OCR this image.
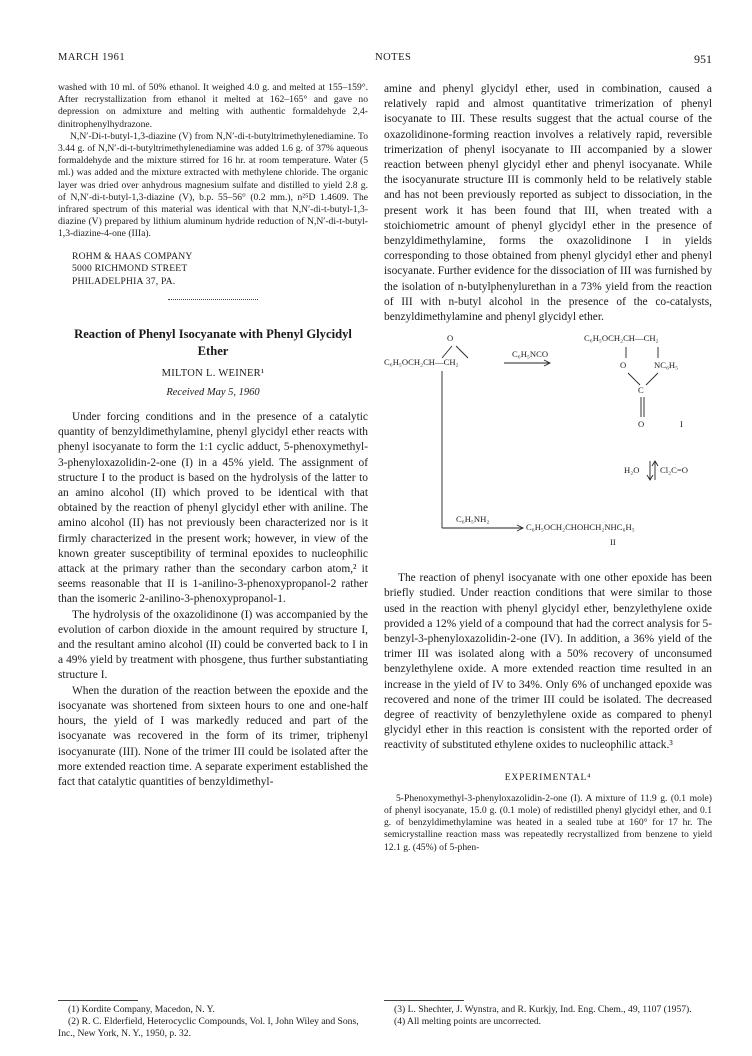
MARCH 1961	NOTES	951

washed with 10 ml. of 50% ethanol. It weighed 4.0 g. and melted at 155–159°. After recrystallization from ethanol it melted at 162–165° and gave no depression on admixture and melting with authentic formaldehyde 2,4-dinitrophenylhydrazone.

N,N′-Di-t-butyl-1,3-diazine (V) from N,N′-di-t-butyltrimethylenediamine. To 3.44 g. of N,N′-di-t-butyltrimethylenediamine was added 1.6 g. of 37% aqueous formaldehyde and the mixture stirred for 16 hr. at room temperature. Water (5 ml.) was added and the mixture extracted with methylene chloride. The organic layer was dried over anhydrous magnesium sulfate and distilled to yield 2.8 g. of N,N′-di-t-butyl-1,3-diazine (V), b.p. 55–56° (0.2 mm.), n²⁵D 1.4609. The infrared spectrum of this material was identical with that N,N′-di-t-butyl-1,3-diazine (V) prepared by lithium aluminum hydride reduction of N,N′-di-t-butyl-1,3-diazine-4-one (IIIa).

ROHM & HAAS COMPANY
5000 RICHMOND STREET
PHILADELPHIA 37, PA.
Reaction of Phenyl Isocyanate with Phenyl Glycidyl Ether
MILTON L. WEINER¹
Received May 5, 1960

Under forcing conditions and in the presence of a catalytic quantity of benzyldimethylamine, phenyl glycidyl ether reacts with phenyl isocyanate to form the 1:1 cyclic adduct, 5-phenoxymethyl-3-phenyloxazolidin-2-one (I) in a 45% yield. The assignment of structure I to the product is based on the hydrolysis of the latter to an amino alcohol (II) which proved to be identical with that obtained by the reaction of phenyl glycidyl ether with aniline. The amino alcohol (II) has not previously been characterized nor is it firmly characterized in the present work; however, in view of the known greater susceptibility of terminal epoxides to nucleophilic attack at the primary rather than the secondary carbon atom,² it seems reasonable that II is 1-anilino-3-phenoxypropanol-2 rather than the isomeric 2-anilino-3-phenoxypropanol-1.

The hydrolysis of the oxazolidinone (I) was accompanied by the evolution of carbon dioxide in the amount required by structure I, and the resultant amino alcohol (II) could be converted back to I in a 49% yield by treatment with phosgene, thus further substantiating structure I.

When the duration of the reaction between the epoxide and the isocyanate was shortened from sixteen hours to one and one-half hours, the yield of I was markedly reduced and part of the isocyanate was recovered in the form of its trimer, triphenyl isocyanurate (III). None of the trimer III could be isolated after the more extended reaction time. A separate experiment established the fact that catalytic quantities of benzyldimethyl-

(1) Kordite Company, Macedon, N. Y.
(2) R. C. Elderfield, Heterocyclic Compounds, Vol. I, John Wiley and Sons, Inc., New York, N. Y., 1950, p. 32.

amine and phenyl glycidyl ether, used in combination, caused a relatively rapid and almost quantitative trimerization of phenyl isocyanate to III. These results suggest that the actual course of the oxazolidinone-forming reaction involves a relatively rapid, reversible trimerization of phenyl isocyanate to III accompanied by a slower reaction between phenyl glycidyl ether and phenyl isocyanate. While the isocyanurate structure III is commonly held to be relatively stable and has not been previously reported as subject to dissociation, in the present work it has been found that III, when treated with a stoichiometric amount of phenyl glycidyl ether in the presence of benzyldimethylamine, forms the oxazolidinone I in yields corresponding to those obtained from phenyl glycidyl ether and phenyl isocyanate. Further evidence for the dissociation of III was furnished by the isolation of n-butylphenylurethan in a 73% yield from the reaction of III with n-butyl alcohol in the presence of the co-catalysts, benzyldimethylamine and phenyl glycidyl ether.

O
C₆H₅OCH₂CH—CH₂
C₆H₅NCO
C₆H₅OCH₂CH—CH₂
O	NC₆H₅
C
O	I
H₂O Cl₂C=O
C₆H₅NH₂
C₆H₅OCH₂CHOHCH₂NHC₆H₅
II

The reaction of phenyl isocyanate with one other epoxide has been briefly studied. Under reaction conditions that were similar to those used in the reaction with phenyl glycidyl ether, benzylethylene oxide provided a 12% yield of a compound that had the correct analysis for 5-benzyl-3-phenyloxazolidin-2-one (IV). In addition, a 36% yield of the trimer III was isolated along with a 50% recovery of unconsumed benzylethylene oxide. A more extended reaction time resulted in an increase in the yield of IV to 34%. Only 6% of unchanged epoxide was recovered and none of the trimer III could be isolated. The decreased degree of reactivity of benzylethylene oxide as compared to phenyl glycidyl ether in this reaction is consistent with the reported order of reactivity of substituted ethylene oxides to nucleophilic attack.³

EXPERIMENTAL⁴

5-Phenoxymethyl-3-phenyloxazolidin-2-one (I). A mixture of 11.9 g. (0.1 mole) of phenyl isocyanate, 15.0 g. (0.1 mole) of redistilled phenyl glycidyl ether, and 0.1 g. of benzyldimethylamine was heated in a sealed tube at 160° for 17 hr. The semicrystalline reaction mass was repeatedly recrystallized from benzene to yield 12.1 g. (45%) of 5-phen-

(3) L. Shechter, J. Wynstra, and R. Kurkjy, Ind. Eng. Chem., 49, 1107 (1957).
(4) All melting points are uncorrected.
